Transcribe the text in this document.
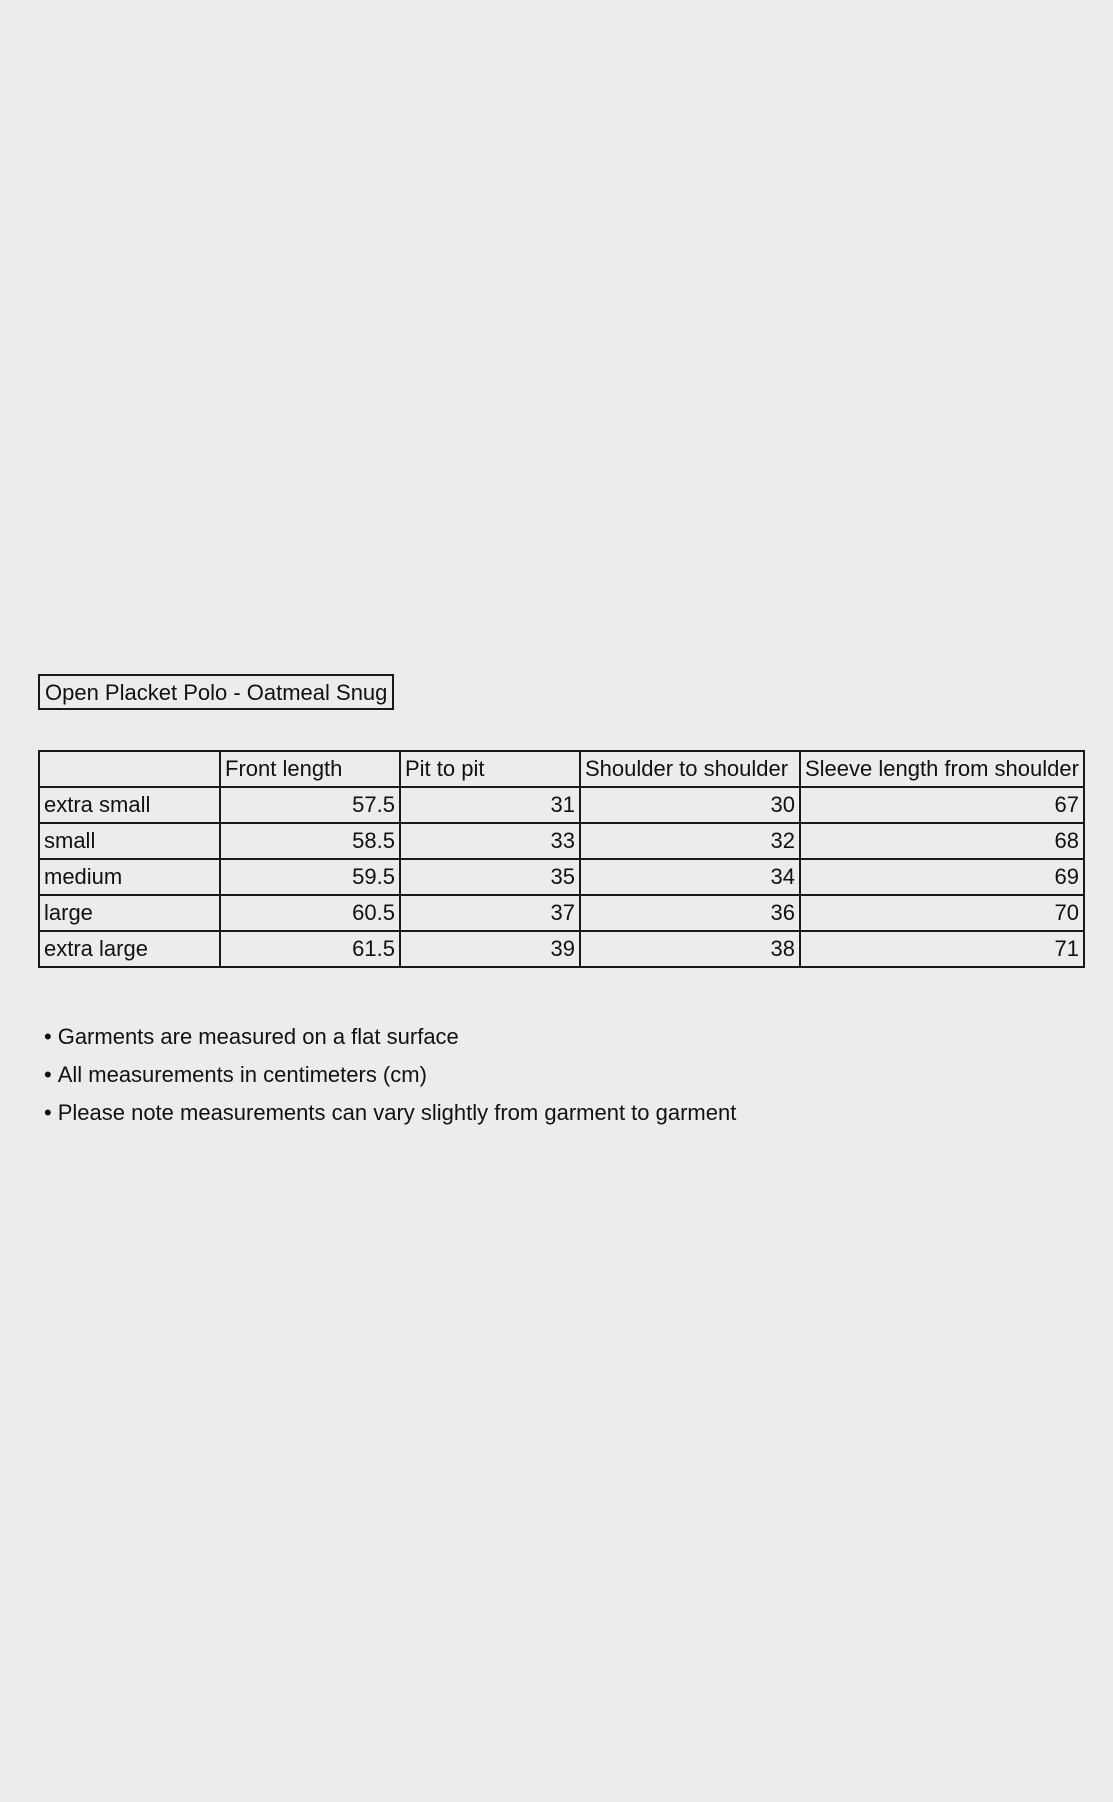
Open Placket Polo - Oatmeal Snug
	Front length	Pit to pit	Shoulder to shoulder	Sleeve length from shoulder
extra small	57.5	31	30	67
small	58.5	33	32	68
medium	59.5	35	34	69
large	60.5	37	36	70
extra large	61.5	39	38	71
• Garments are measured on a flat surface
• All measurements in centimeters (cm)
• Please note measurements can vary slightly from garment to garment
